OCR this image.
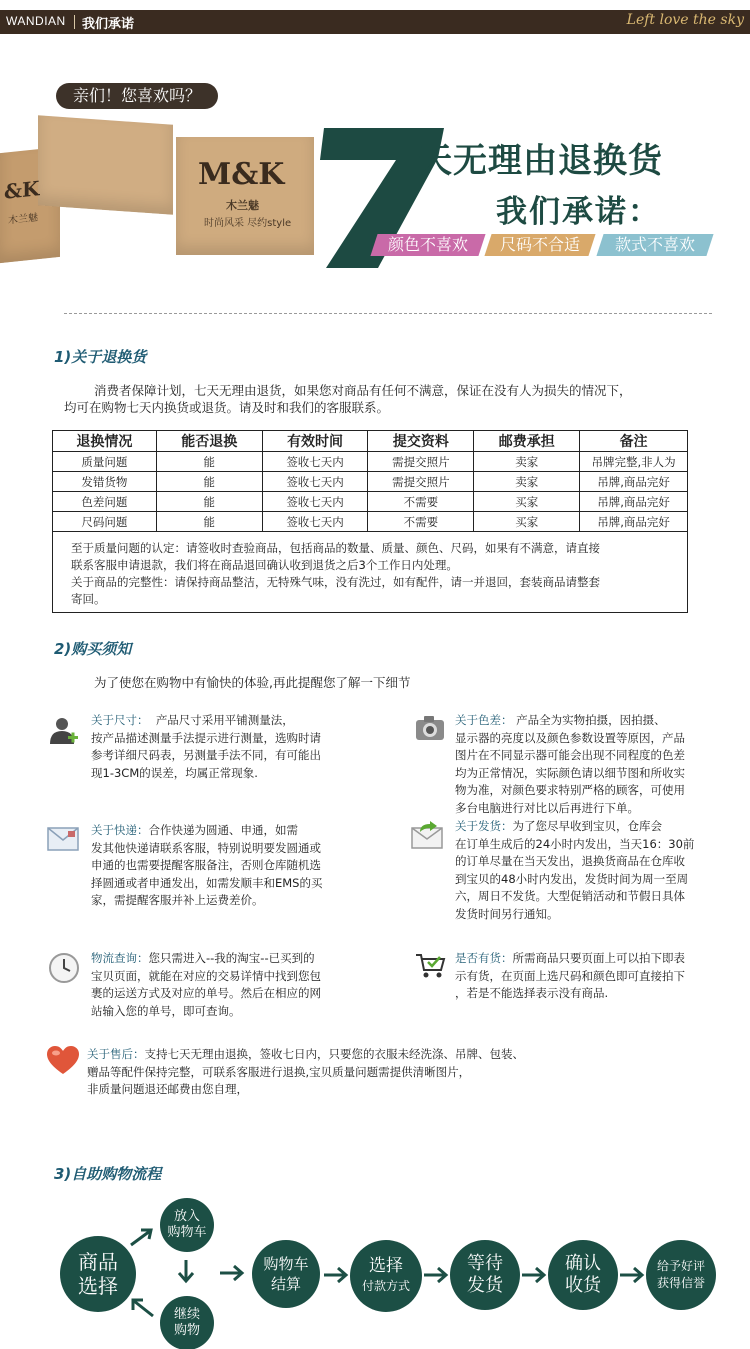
WANDIAN 我们承诺	Left love the sky
亲们！您喜欢吗？
&K
木兰魅
M&K
木兰魅
时尚风采 尽约style
天无理由退换货
我们承诺：
颜色不喜欢	尺码不合适	款式不喜欢
1)关于退换货
消费者保障计划，七天无理由退货，如果您对商品有任何不满意，保证在没有人为损失的情况下，
均可在购物七天内换货或退货。请及时和我们的客服联系。
退换情况	能否退换	有效时间	提交资料	邮费承担	备注
质量问题	能	签收七天内	需提交照片	卖家	吊牌完整,非人为
发错货物	能	签收七天内	需提交照片	卖家	吊牌,商品完好
色差问题	能	签收七天内	不需要	买家	吊牌,商品完好
尺码问题	能	签收七天内	不需要	买家	吊牌,商品完好

至于质量问题的认定：请签收时查验商品，包括商品的数量、质量、颜色、尺码，如果有不满意，请直接
联系客服申请退款，我们将在商品退回确认收到退货之后3个工作日内处理。
关于商品的完整性：请保持商品整洁，无特殊气味，没有洗过，如有配件，请一并退回，套装商品请整套
寄回。					
2)购买须知
为了使您在购物中有愉快的体验,再此提醒您了解一下细节
关于尺寸： 产品尺寸采用平铺测量法，
按产品描述测量手法提示进行测量，选购时请
参考详细尺码表，另测量手法不同，有可能出
现1-3CM的误差，均属正常现象.
关于色差： 产品全为实物拍摄，因拍摄、
显示器的亮度以及颜色参数设置等原因，产品
图片在不同显示器可能会出现不同程度的色差
均为正常情况，实际颜色请以细节图和所收实
物为准，对颜色要求特别严格的顾客，可使用
多台电脑进行对比以后再进行下单。
关于快递：合作快递为圆通、申通，如需
发其他快递请联系客服，特别说明要发圆通或
申通的也需要提醒客服备注，否则仓库随机选
择圆通或者申通发出，如需发顺丰和EMS的买
家，需提醒客服并补上运费差价。
关于发货：为了您尽早收到宝贝，仓库会
在订单生成后的24小时内发出，当天16：30前
的订单尽量在当天发出，退换货商品在仓库收
到宝贝的48小时内发出，发货时间为周一至周
六，周日不发货。大型促销活动和节假日具体
发货时间另行通知。
物流查询：您只需进入--我的淘宝--已买到的
宝贝页面，就能在对应的交易详情中找到您包
裹的运送方式及对应的单号。然后在相应的网
站输入您的单号，即可查询。
是否有货：所需商品只要页面上可以拍下即表
示有货，在页面上选尺码和颜色即可直接拍下
，若是不能选择表示没有商品.
关于售后：支持七天无理由退换，签收七日内，只要您的衣服未经洗涤、吊牌、包装、
赠品等配件保持完整，可联系客服进行退换,宝贝质量问题需提供清晰图片，
非质量问题退还邮费由您自理，
3)自助购物流程
商品
选择
放入
购物车
继续
购物
购物车
结算
选择
付款方式
等待
发货
确认
收货
给予好评
获得信誉
